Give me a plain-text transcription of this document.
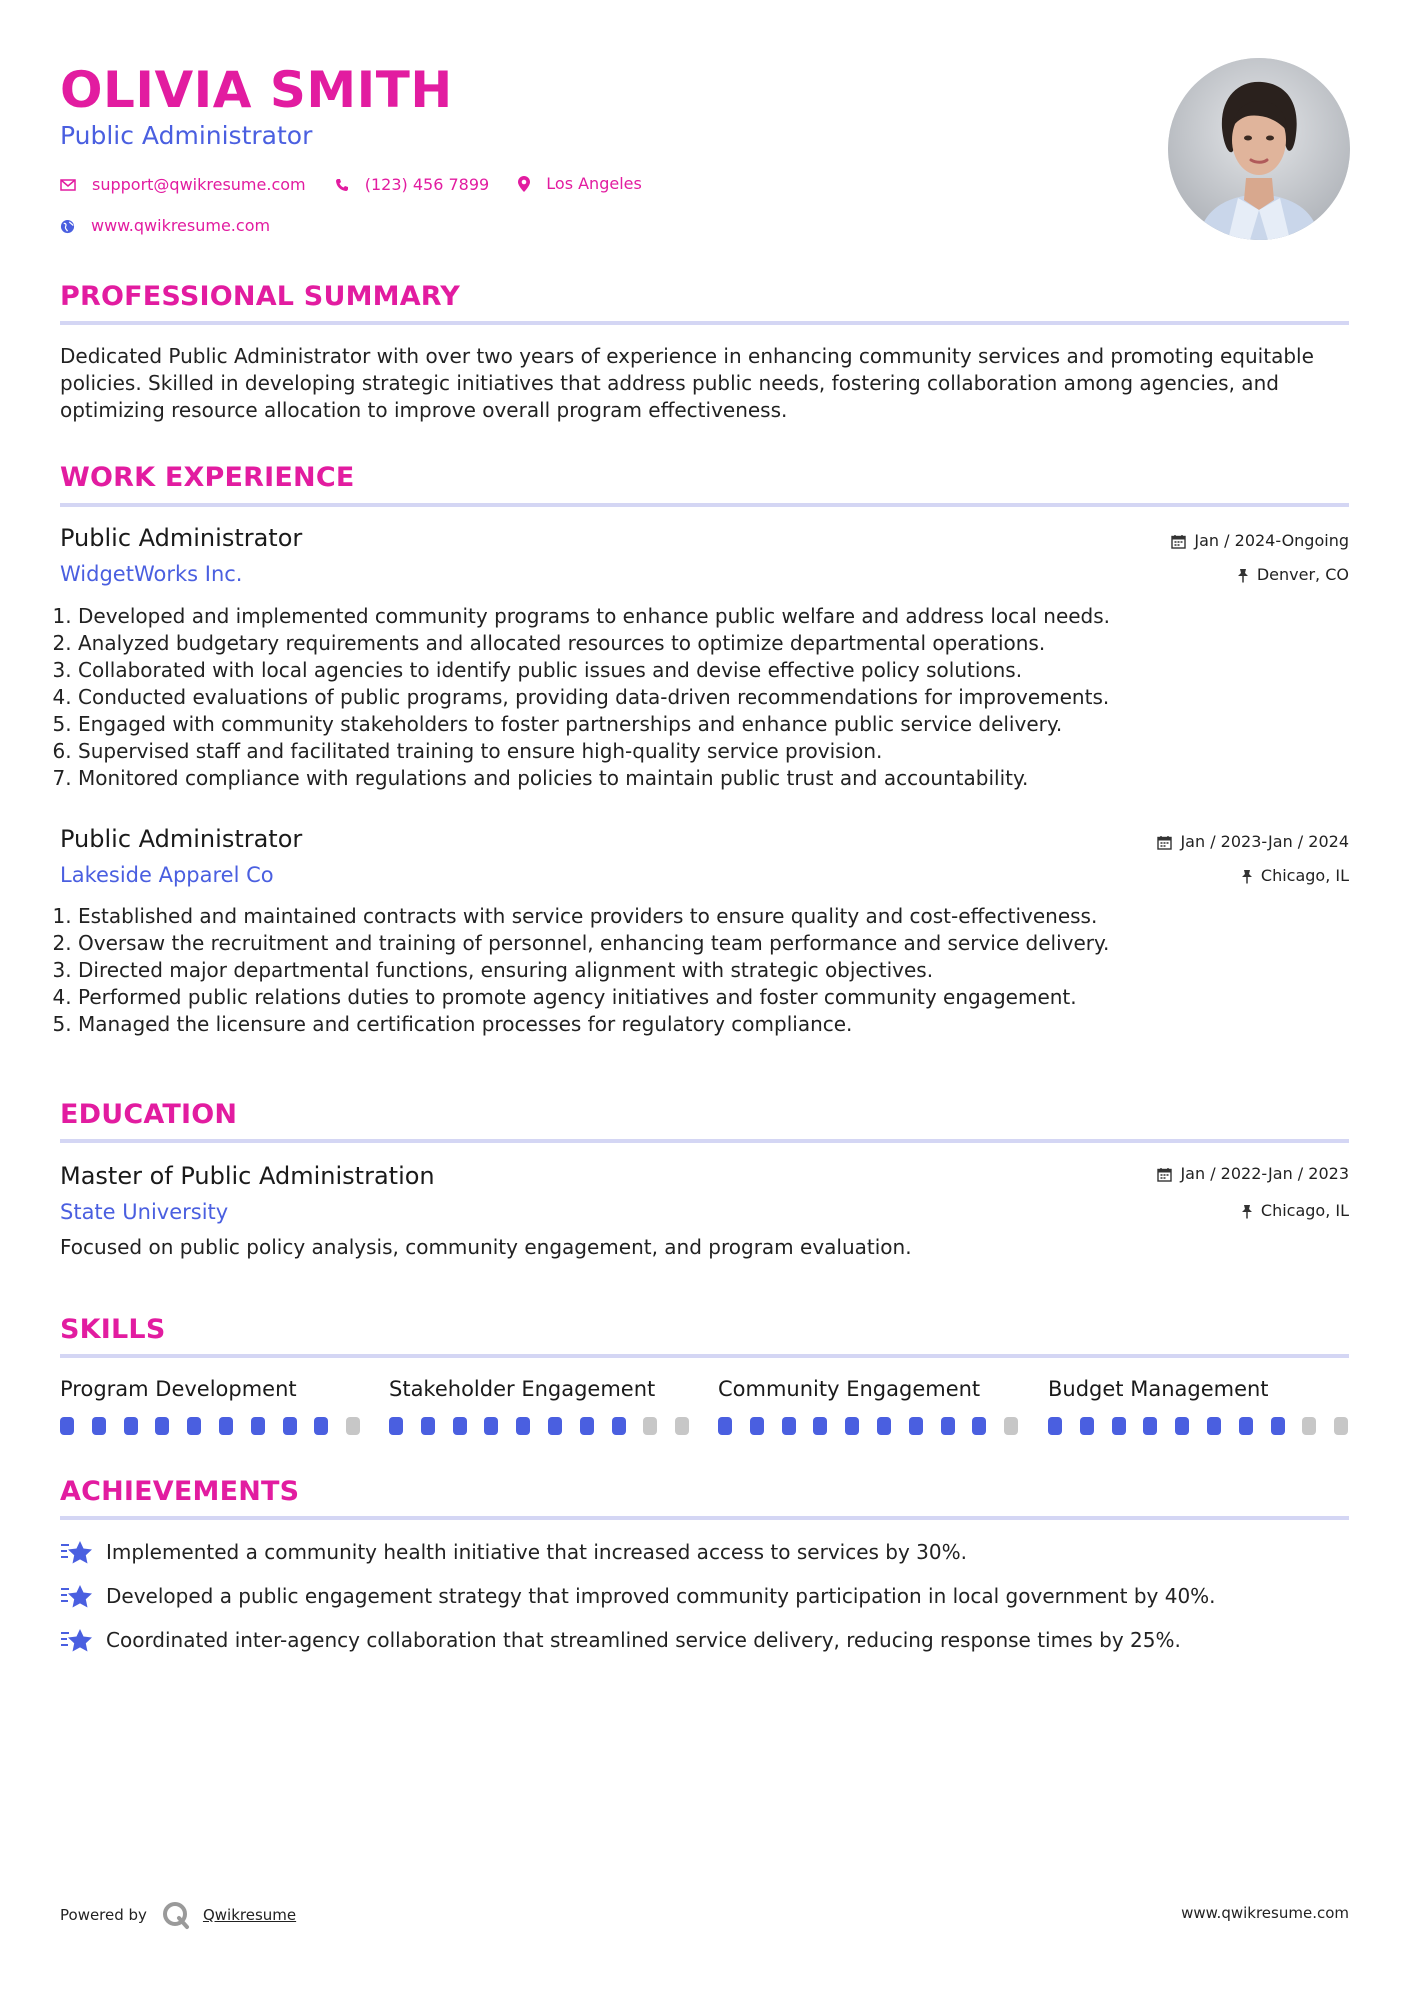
OLIVIA SMITH
Public Administrator
support@qwikresume.com
	(123) 456 7899
	Los Angeles
www.qwikresume.com
PROFESSIONAL SUMMARY

Dedicated Public Administrator with over two years of experience in enhancing community services and promoting equitable policies. Skilled in developing strategic initiatives that address public needs, fostering collaboration among agencies, and optimizing resource allocation to improve overall program effectiveness.

WORK EXPERIENCE
Public Administrator	Jan / 2024-Ongoing
WidgetWorks Inc.	Denver, CO
1. Developed and implemented community programs to enhance public welfare and address local needs.
2. Analyzed budgetary requirements and allocated resources to optimize departmental operations.
3. Collaborated with local agencies to identify public issues and devise effective policy solutions.
4. Conducted evaluations of public programs, providing data-driven recommendations for improvements.
5. Engaged with community stakeholders to foster partnerships and enhance public service delivery.
6. Supervised staff and facilitated training to ensure high-quality service provision.
7. Monitored compliance with regulations and policies to maintain public trust and accountability.
Public Administrator	Jan / 2023-Jan / 2024
Lakeside Apparel Co	Chicago, IL
1. Established and maintained contracts with service providers to ensure quality and cost-effectiveness.
2. Oversaw the recruitment and training of personnel, enhancing team performance and service delivery.
3. Directed major departmental functions, ensuring alignment with strategic objectives.
4. Performed public relations duties to promote agency initiatives and foster community engagement.
5. Managed the licensure and certification processes for regulatory compliance.
EDUCATION
Master of Public Administration	Jan / 2022-Jan / 2023
State University	Chicago, IL

Focused on public policy analysis, community engagement, and program evaluation.

SKILLS
Program Development	Stakeholder Engagement	Community Engagement	Budget Management
ACHIEVEMENTS
Implemented a community health initiative that increased access to services by 30%.
Developed a public engagement strategy that improved community participation in local government by 40%.
Coordinated inter-agency collaboration that streamlined service delivery, reducing response times by 25%.
Powered by	Qwikresume	www.qwikresume.com
